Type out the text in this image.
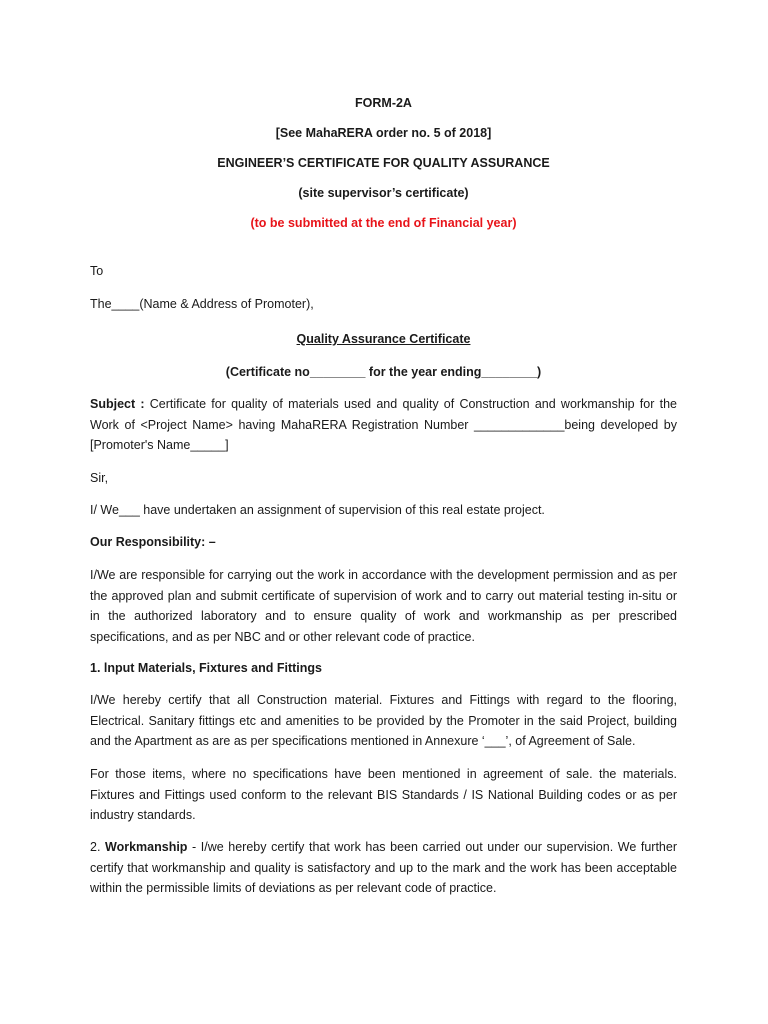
FORM-2A
[See MahaRERA order no. 5 of 2018]
ENGINEER’S CERTIFICATE FOR QUALITY ASSURANCE
(site supervisor’s certificate)
(to be submitted at the end of Financial year)
To
The____(Name & Address of Promoter),
Quality Assurance Certificate
(Certificate no________ for the year ending________)
Subject : Certificate for quality of materials used and quality of Construction and workmanship for the Work of <Project Name> having MahaRERA Registration Number _____________being developed by [Promoter's Name_____]
Sir,
I/ We___ have undertaken an assignment of supervision of this real estate project.
Our Responsibility: –
I/We are responsible for carrying out the work in accordance with the development permission and as per the approved plan and submit certificate of supervision of work and to carry out material testing in-situ or in the authorized laboratory and to ensure quality of work and workmanship as per prescribed specifications, and as per NBC and or other relevant code of practice.
1. lnput Materials, Fixtures and Fittings
I/We hereby certify that all Construction material. Fixtures and Fittings with regard to the flooring, Electrical. Sanitary fittings etc and amenities to be provided by the Promoter in the said Project, building and the Apartment as are as per specifications mentioned in Annexure ‘___’, of Agreement of Sale.
For those items, where no specifications have been mentioned in agreement of sale. the materials. Fixtures and Fittings used conform to the relevant BIS Standards / IS National Building codes or as per industry standards.
2. Workmanship - I/we hereby certify that work has been carried out under our supervision. We further certify that workmanship and quality is satisfactory and up to the mark and the work has been acceptable within the permissible limits of deviations as per relevant code of practice.
